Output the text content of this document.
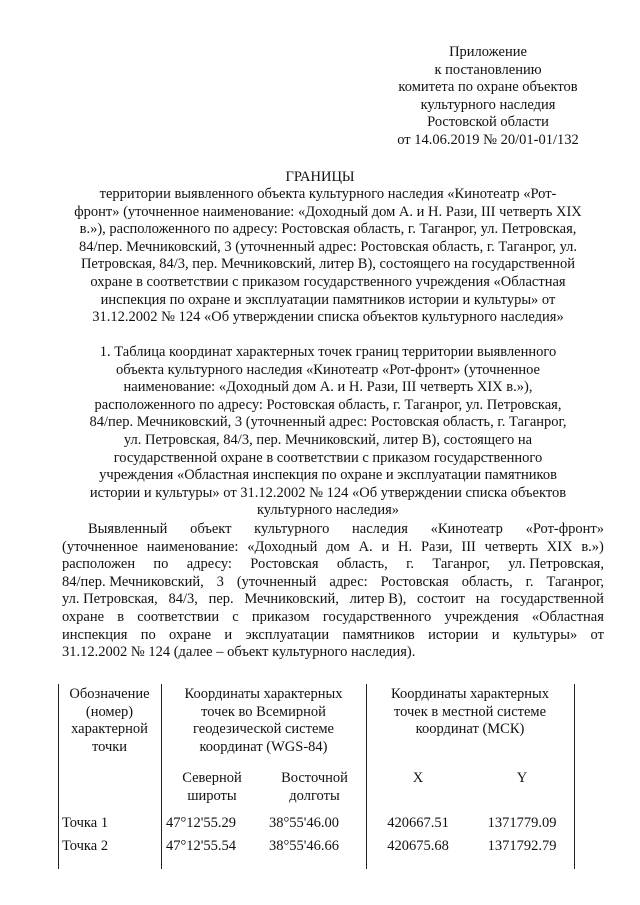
Приложение
к постановлению
комитета по охране объектов
культурного наследия
Ростовской области
от 14.06.2019 № 20/01-01/132
ГРАНИЦЫ
территории выявленного объекта культурного наследия «Кинотеатр «Рот-
фронт» (уточненное наименование: «Доходный дом А. и Н. Рази, III четверть XIX
в.»), расположенного по адресу: Ростовская область, г. Таганрог, ул. Петровская,
84/пер. Мечниковский, 3 (уточненный адрес: Ростовская область, г. Таганрог, ул.
Петровская, 84/3, пер. Мечниковский, литер В), состоящего на государственной
охране в соответствии с приказом государственного учреждения «Областная
инспекция по охране и эксплуатации памятников истории и культуры» от
31.12.2002 № 124 «Об утверждении списка объектов культурного наследия»
1. Таблица координат характерных точек границ территории выявленного
объекта культурного наследия «Кинотеатр «Рот-фронт» (уточненное
наименование: «Доходный дом А. и Н. Рази, III четверть XIX в.»),
расположенного по адресу: Ростовская область, г. Таганрог, ул. Петровская,
84/пер. Мечниковский, 3 (уточненный адрес: Ростовская область, г. Таганрог,
ул. Петровская, 84/3, пер. Мечниковский, литер В), состоящего на
государственной охране в соответствии с приказом государственного
учреждения «Областная инспекция по охране и эксплуатации памятников
истории и культуры» от 31.12.2002 № 124 «Об утверждении списка объектов
культурного наследия»
Выявленный объект культурного наследия «Кинотеатр «Рот-фронт»
(уточненное наименование: «Доходный дом А. и Н. Рази, III четверть XIX в.»)
расположен по адресу: Ростовская область, г. Таганрог, ул. Петровская,
84/пер. Мечниковский, 3 (уточненный адрес: Ростовская область, г. Таганрог,
ул. Петровская, 84/3, пер. Мечниковский, литер В), состоит на государственной
охране в соответствии с приказом государственного учреждения «Областная
инспекция по охране и эксплуатации памятников истории и культуры» от
31.12.2002 № 124 (далее – объект культурного наследия).
Обозначение
(номер)
характерной
точки
Координаты характерных
точек во Всемирной
геодезической системе
координат (WGS-84)
Координаты характерных
точек в местной системе
координат (МСК)
Северной
широты
Восточной
долготы
X	Y
Точка 1	47°12'55.29 38°55'46.00	420667.51	1371779.09
Точка 2	47°12'55.54 38°55'46.66	420675.68	1371792.79
